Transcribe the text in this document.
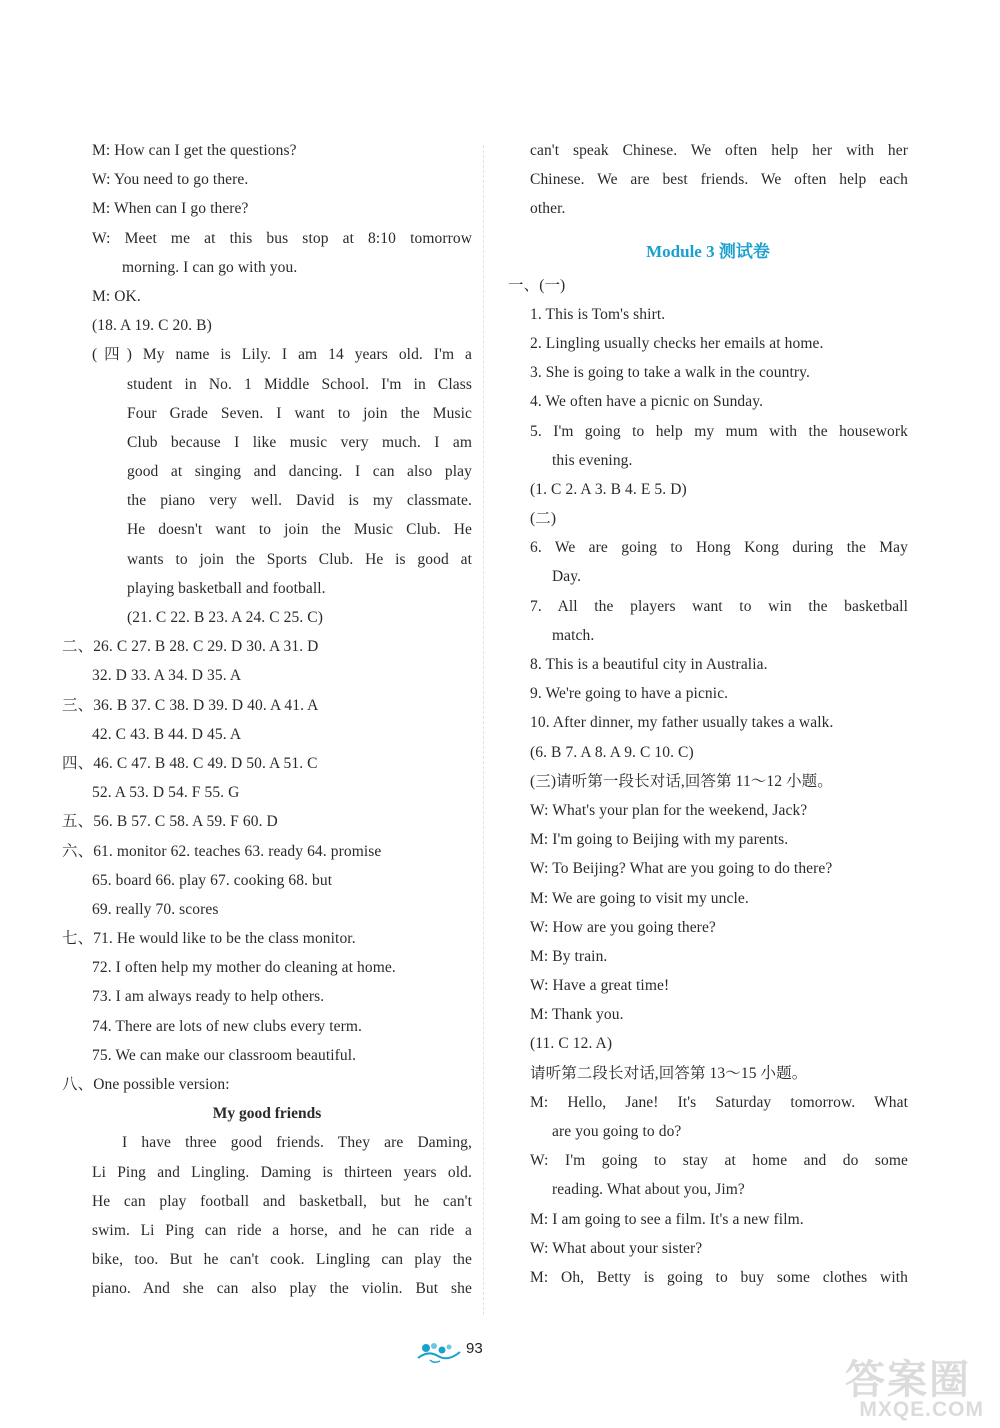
M: How can I get the questions?
W: You need to go there.
M: When can I go there?
W: Meet me at this bus stop at 8:10 tomorrow
morning. I can go with you.
M: OK.
(18. A 19. C 20. B)
(四) My name is Lily. I am 14 years old. I'm a
student in No. 1 Middle School. I'm in Class
Four Grade Seven. I want to join the Music
Club because I like music very much. I am
good at singing and dancing. I can also play
the piano very well. David is my classmate.
He doesn't want to join the Music Club. He
wants to join the Sports Club. He is good at
playing basketball and football.
(21. C 22. B 23. A 24. C 25. C)
二、26. C 27. B 28. C 29. D 30. A 31. D
32. D 33. A 34. D 35. A
三、36. B 37. C 38. D 39. D 40. A 41. A
42. C 43. B 44. D 45. A
四、46. C 47. B 48. C 49. D 50. A 51. C
52. A 53. D 54. F 55. G
五、56. B 57. C 58. A 59. F 60. D
六、61. monitor 62. teaches 63. ready 64. promise
65. board 66. play 67. cooking 68. but
69. really 70. scores
七、71. He would like to be the class monitor.
72. I often help my mother do cleaning at home.
73. I am always ready to help others.
74. There are lots of new clubs every term.
75. We can make our classroom beautiful.
八、One possible version:
My good friends
I have three good friends. They are Daming,
Li Ping and Lingling. Daming is thirteen years old.
He can play football and basketball, but he can't
swim. Li Ping can ride a horse, and he can ride a
bike, too. But he can't cook. Lingling can play the
piano. And she can also play the violin. But she
can't speak Chinese. We often help her with her
Chinese. We are best friends. We often help each
other.
Module 3 测试卷
一、(一)
1. This is Tom's shirt.
2. Lingling usually checks her emails at home.
3. She is going to take a walk in the country.
4. We often have a picnic on Sunday.
5. I'm going to help my mum with the housework
this evening.
(1. C 2. A 3. B 4. E 5. D)
(二)
6. We are going to Hong Kong during the May
Day.
7. All the players want to win the basketball
match.
8. This is a beautiful city in Australia.
9. We're going to have a picnic.
10. After dinner, my father usually takes a walk.
(6. B 7. A 8. A 9. C 10. C)
(三)请听第一段长对话,回答第 11～12 小题。
W: What's your plan for the weekend, Jack?
M: I'm going to Beijing with my parents.
W: To Beijing? What are you going to do there?
M: We are going to visit my uncle.
W: How are you going there?
M: By train.
W: Have a great time!
M: Thank you.
(11. C 12. A)
请听第二段长对话,回答第 13～15 小题。
M: Hello, Jane! It's Saturday tomorrow. What
are you going to do?
W: I'm going to stay at home and do some
reading. What about you, Jim?
M: I am going to see a film. It's a new film.
W: What about your sister?
M: Oh, Betty is going to buy some clothes with
93
答案圈
MXQE.COM
